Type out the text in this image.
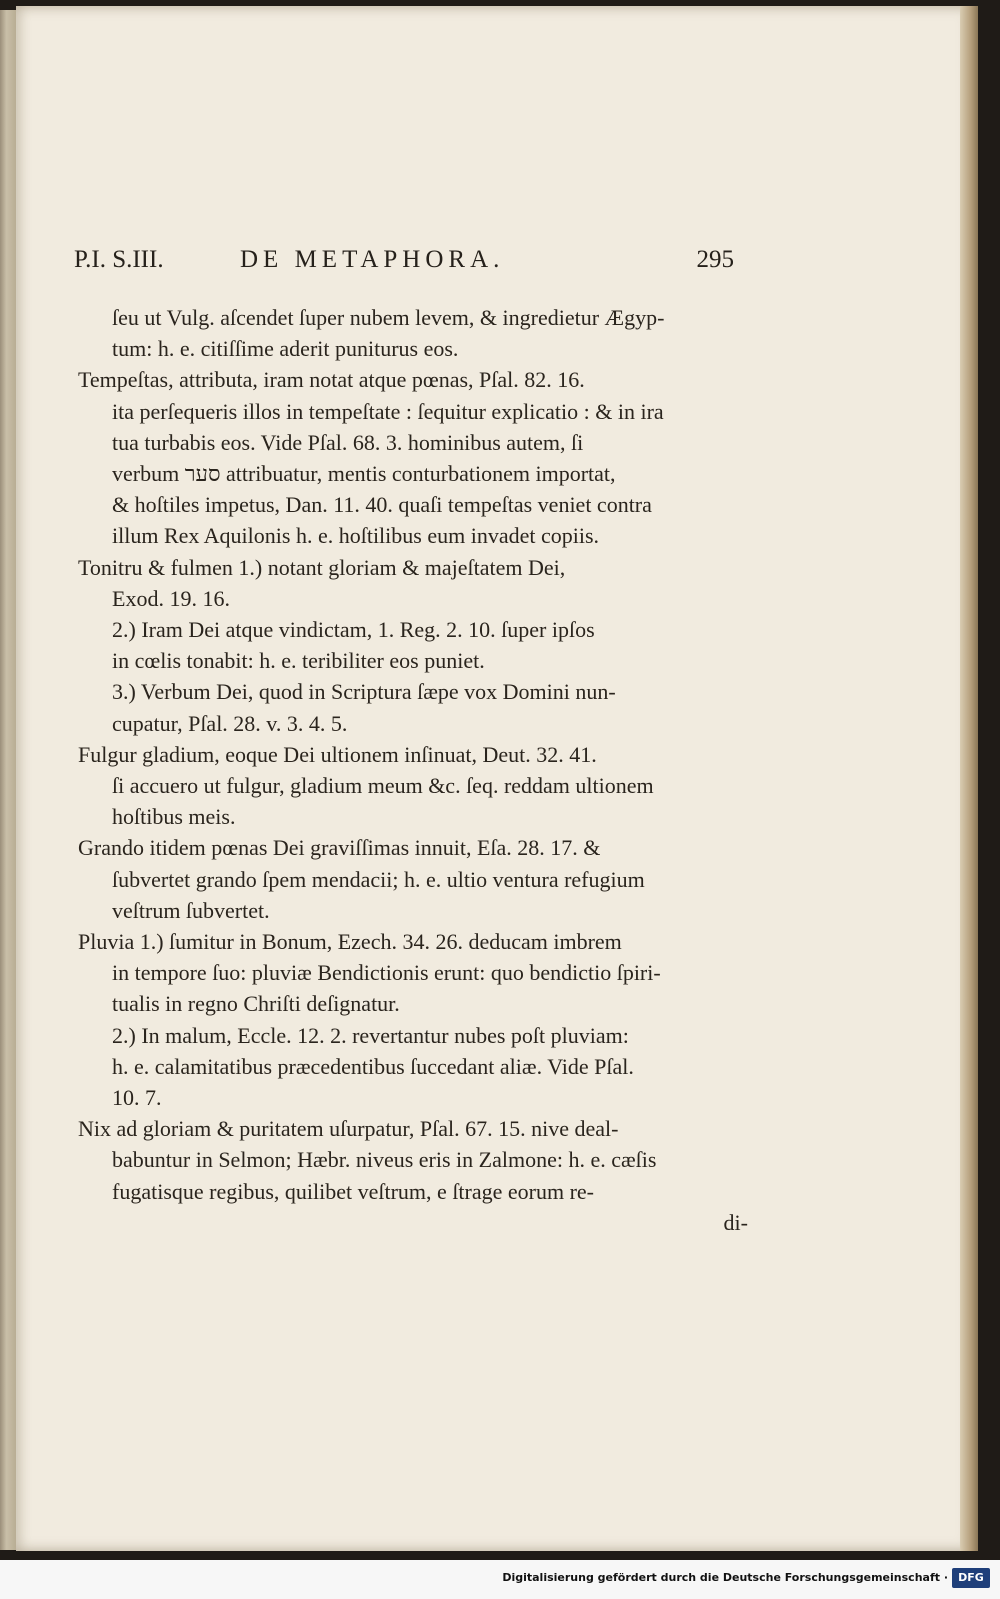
P.I. S.III.	DE METAPHORA.	295

ſeu ut Vulg. aſcendet ſuper nubem levem, & ingredietur Ægyp-

tum: h. e. citiſſime aderit puniturus eos.

Tempeſtas, attributa, iram notat atque pœnas, Pſal. 82. 16.

ita perſequeris illos in tempeſtate : ſequitur explicatio : & in ira

tua turbabis eos. Vide Pſal. 68. 3. hominibus autem, ſi

verbum סער attribuatur, mentis conturbationem importat,

& hoſtiles impetus, Dan. 11. 40. quaſi tempeſtas veniet contra

illum Rex Aquilonis h. e. hoſtilibus eum invadet copiis.

Tonitru & fulmen 1.) notant gloriam & majeſtatem Dei,

Exod. 19. 16.

2.) Iram Dei atque vindictam, 1. Reg. 2. 10. ſuper ipſos

in cœlis tonabit: h. e. teribiliter eos puniet.

3.) Verbum Dei, quod in Scriptura ſæpe vox Domini nun-

cupatur, Pſal. 28. v. 3. 4. 5.

Fulgur gladium, eoque Dei ultionem inſinuat, Deut. 32. 41.

ſi accuero ut fulgur, gladium meum &c. ſeq. reddam ultionem

hoſtibus meis.

Grando itidem pœnas Dei graviſſimas innuit, Eſa. 28. 17. &

ſubvertet grando ſpem mendacii; h. e. ultio ventura refugium

veſtrum ſubvertet.

Pluvia 1.) ſumitur in Bonum, Ezech. 34. 26. deducam imbrem

in tempore ſuo: pluviæ Bendictionis erunt: quo bendictio ſpiri-

tualis in regno Chriſti deſignatur.

2.) In malum, Eccle. 12. 2. revertantur nubes poſt pluviam:

h. e. calamitatibus præcedentibus ſuccedant aliæ. Vide Pſal.

10. 7.

Nix ad gloriam & puritatem uſurpatur, Pſal. 67. 15. nive deal-

babuntur in Selmon; Hæbr. niveus eris in Zalmone: h. e. cæſis

fugatisque regibus, quilibet veſtrum, e ſtrage eorum re-

di-

Digitalisierung gefördert durch die Deutsche Forschungsgemeinschaft · DFG
